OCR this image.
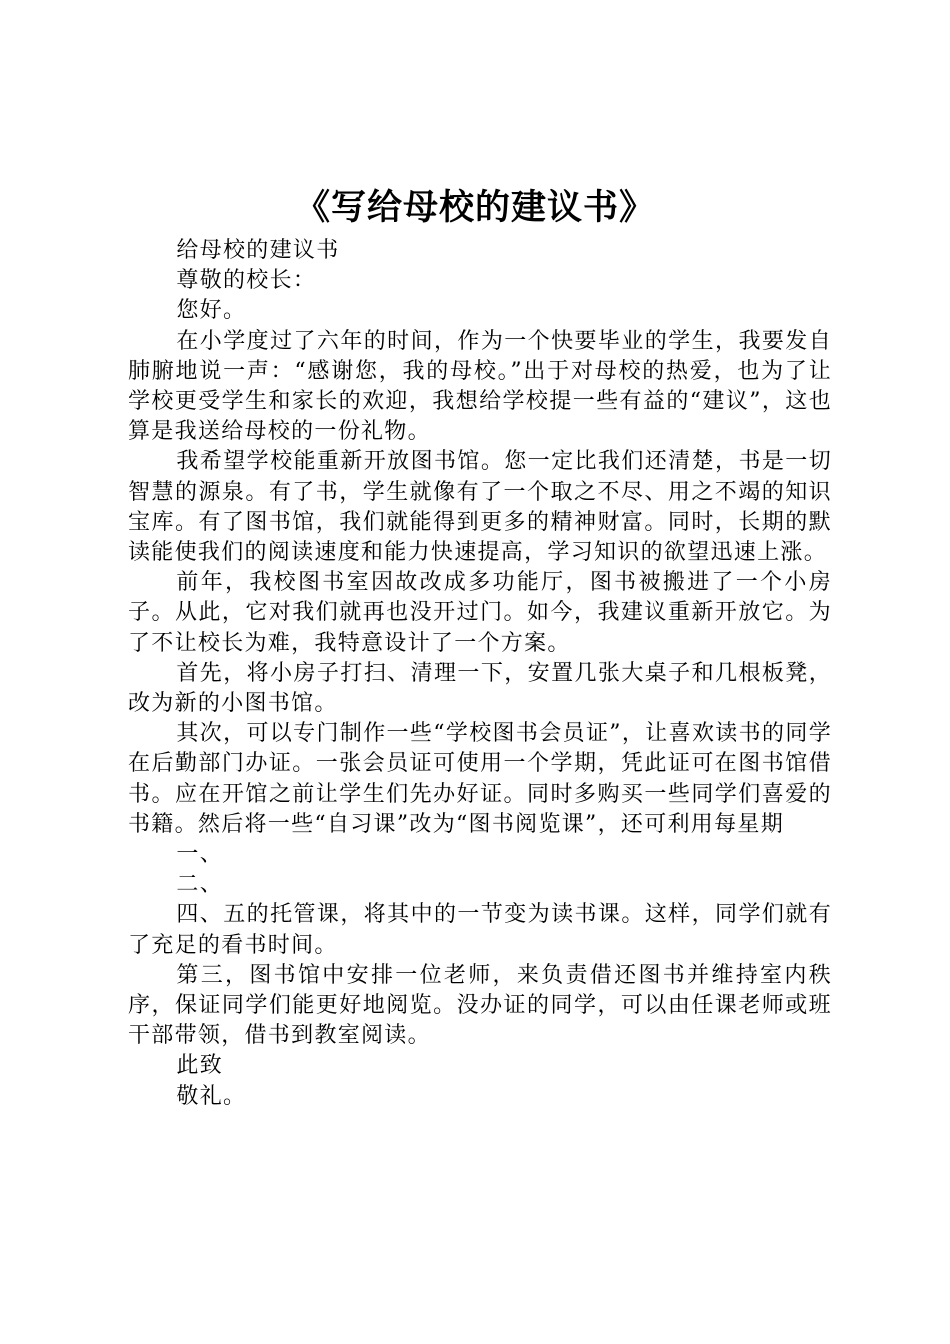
《写给母校的建议书》

给母校的建议书

尊敬的校长：

您好。

在小学度过了六年的时间，作为一个快要毕业的学生，我要发自肺腑地说一声：“感谢您，我的母校。”出于对母校的热爱，也为了让学校更受学生和家长的欢迎，我想给学校提一些有益的“建议”，这也算是我送给母校的一份礼物。

我希望学校能重新开放图书馆。您一定比我们还清楚，书是一切智慧的源泉。有了书，学生就像有了一个取之不尽、用之不竭的知识宝库。有了图书馆，我们就能得到更多的精神财富。同时，长期的默读能使我们的阅读速度和能力快速提高，学习知识的欲望迅速上涨。

前年，我校图书室因故改成多功能厅，图书被搬进了一个小房子。从此，它对我们就再也没开过门。如今，我建议重新开放它。为了不让校长为难，我特意设计了一个方案。

首先，将小房子打扫、清理一下，安置几张大桌子和几根板凳，改为新的小图书馆。

其次，可以专门制作一些“学校图书会员证”，让喜欢读书的同学在后勤部门办证。一张会员证可使用一个学期，凭此证可在图书馆借书。应在开馆之前让学生们先办好证。同时多购买一些同学们喜爱的书籍。然后将一些“自习课”改为“图书阅览课”，还可利用每星期

一、

二、

四、五的托管课，将其中的一节变为读书课。这样，同学们就有了充足的看书时间。

第三，图书馆中安排一位老师，来负责借还图书并维持室内秩序，保证同学们能更好地阅览。没办证的同学，可以由任课老师或班干部带领，借书到教室阅读。

此致

敬礼。
